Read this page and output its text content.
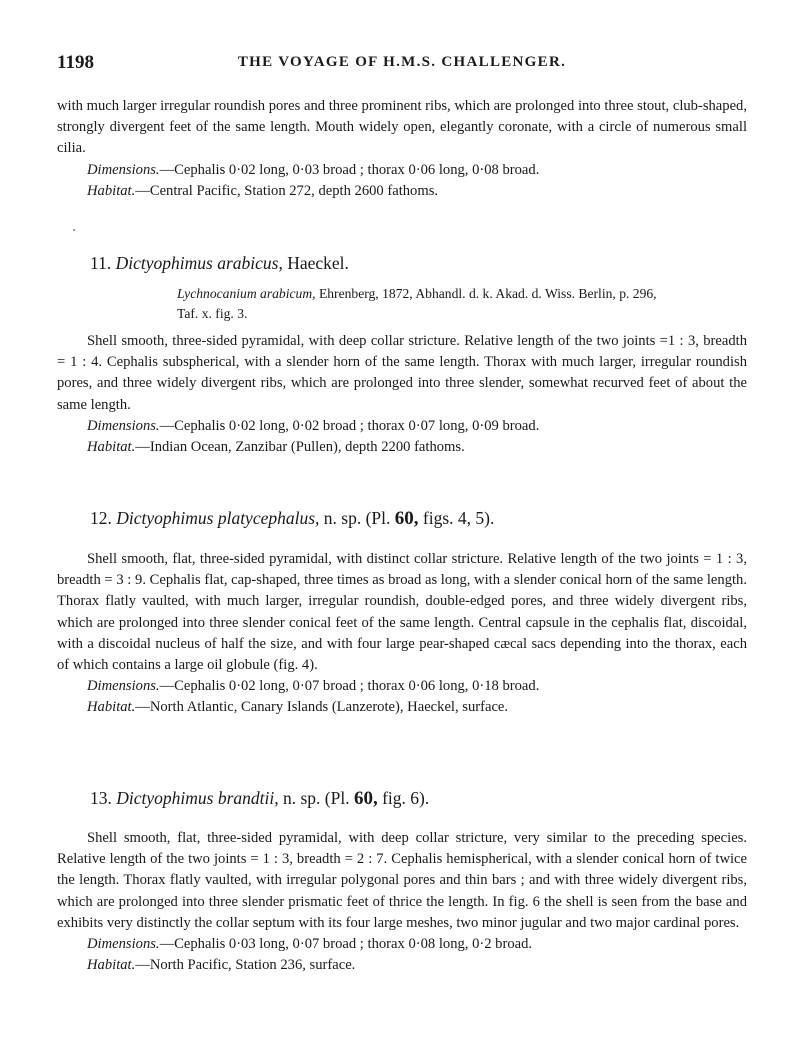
1198	THE VOYAGE OF H.M.S. CHALLENGER.

with much larger irregular roundish pores and three prominent ribs, which are prolonged into three stout, club-shaped, strongly divergent feet of the same length. Mouth widely open, elegantly coronate, with a circle of numerous small cilia.

Dimensions.—Cephalis 0·02 long, 0·03 broad ; thorax 0·06 long, 0·08 broad.

Habitat.—Central Pacific, Station 272, depth 2600 fathoms.

11. Dictyophimus arabicus, Haeckel.
Lychnocanium arabicum, Ehrenberg, 1872, Abhandl. d. k. Akad. d. Wiss. Berlin, p. 296,
Taf. x. fig. 3.

Shell smooth, three-sided pyramidal, with deep collar stricture. Relative length of the two joints =1 : 3, breadth = 1 : 4. Cephalis subspherical, with a slender horn of the same length. Thorax with much larger, irregular roundish pores, and three widely divergent ribs, which are prolonged into three slender, somewhat recurved feet of about the same length.

Dimensions.—Cephalis 0·02 long, 0·02 broad ; thorax 0·07 long, 0·09 broad.

Habitat.—Indian Ocean, Zanzibar (Pullen), depth 2200 fathoms.

12. Dictyophimus platycephalus, n. sp. (Pl. 60, figs. 4, 5).

Shell smooth, flat, three-sided pyramidal, with distinct collar stricture. Relative length of the two joints = 1 : 3, breadth = 3 : 9. Cephalis flat, cap-shaped, three times as broad as long, with a slender conical horn of the same length. Thorax flatly vaulted, with much larger, irregular roundish, double-edged pores, and three widely divergent ribs, which are prolonged into three slender conical feet of the same length. Central capsule in the cephalis flat, discoidal, with a discoidal nucleus of half the size, and with four large pear-shaped cæcal sacs depending into the thorax, each of which contains a large oil globule (fig. 4).

Dimensions.—Cephalis 0·02 long, 0·07 broad ; thorax 0·06 long, 0·18 broad.

Habitat.—North Atlantic, Canary Islands (Lanzerote), Haeckel, surface.

13. Dictyophimus brandtii, n. sp. (Pl. 60, fig. 6).

Shell smooth, flat, three-sided pyramidal, with deep collar stricture, very similar to the preceding species. Relative length of the two joints = 1 : 3, breadth = 2 : 7. Cephalis hemispherical, with a slender conical horn of twice the length. Thorax flatly vaulted, with irregular polygonal pores and thin bars ; and with three widely divergent ribs, which are prolonged into three slender prismatic feet of thrice the length. In fig. 6 the shell is seen from the base and exhibits very distinctly the collar septum with its four large meshes, two minor jugular and two major cardinal pores.

Dimensions.—Cephalis 0·03 long, 0·07 broad ; thorax 0·08 long, 0·2 broad.

Habitat.—North Pacific, Station 236, surface.
